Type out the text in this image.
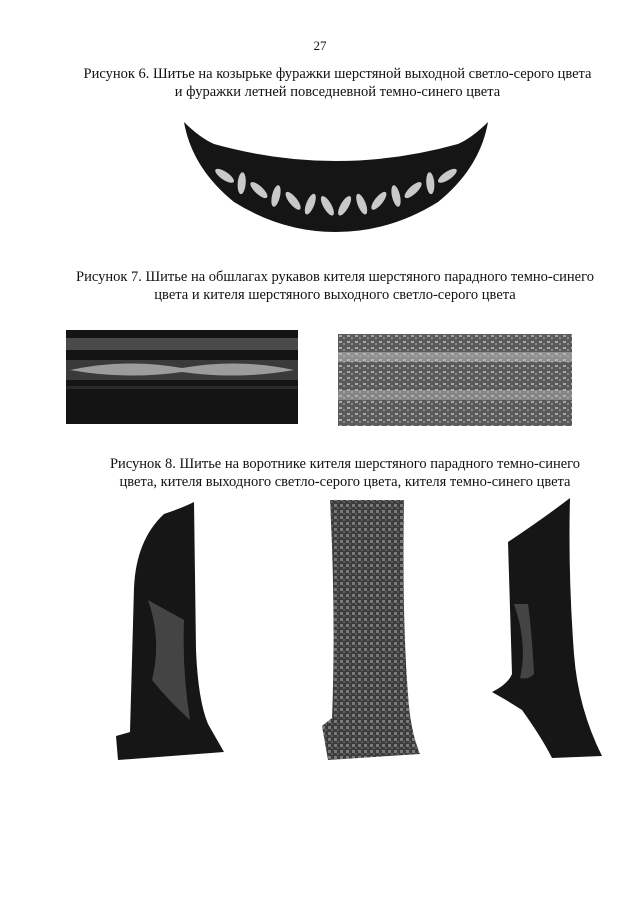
27
Рисунок 6. Шитье на козырьке фуражки шерстяной выходной светло-серого цвета
и фуражки летней повседневной темно-синего цвета
Рисунок 7. Шитье на обшлагах рукавов кителя шерстяного парадного темно-синего
цвета и кителя шерстяного выходного светло-серого цвета
Рисунок 8. Шитье на воротнике кителя шерстяного парадного темно-синего
цвета, кителя выходного светло-серого цвета, кителя темно-синего цвета
